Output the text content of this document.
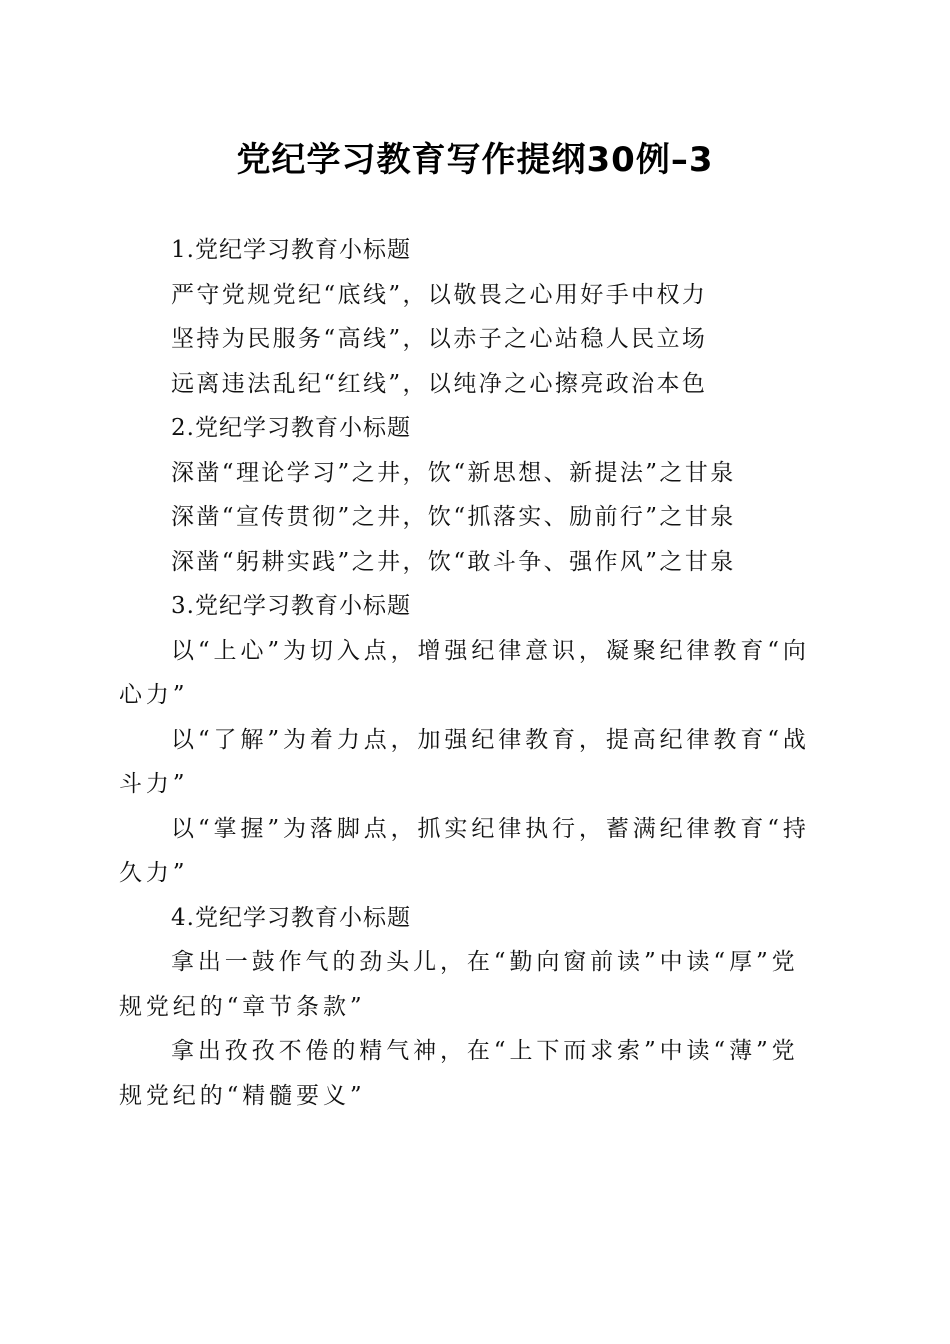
党纪学习教育写作提纲30例–3

1.党纪学习教育小标题

严守党规党纪“底线”，以敬畏之心用好手中权力

坚持为民服务“高线”，以赤子之心站稳人民立场

远离违法乱纪“红线”，以纯净之心擦亮政治本色

2.党纪学习教育小标题

深凿“理论学习”之井，饮“新思想、新提法”之甘泉

深凿“宣传贯彻”之井，饮“抓落实、励前行”之甘泉

深凿“躬耕实践”之井，饮“敢斗争、强作风”之甘泉

3.党纪学习教育小标题

以“上心”为切入点，增强纪律意识，凝聚纪律教育“向心力”

以“了解”为着力点，加强纪律教育，提高纪律教育“战斗力”

以“掌握”为落脚点，抓实纪律执行，蓄满纪律教育“持久力”

4.党纪学习教育小标题

拿出一鼓作气的劲头儿，在“勤向窗前读”中读“厚”党规党纪的“章节条款”

拿出孜孜不倦的精气神，在“上下而求索”中读“薄”党规党纪的“精髓要义”
